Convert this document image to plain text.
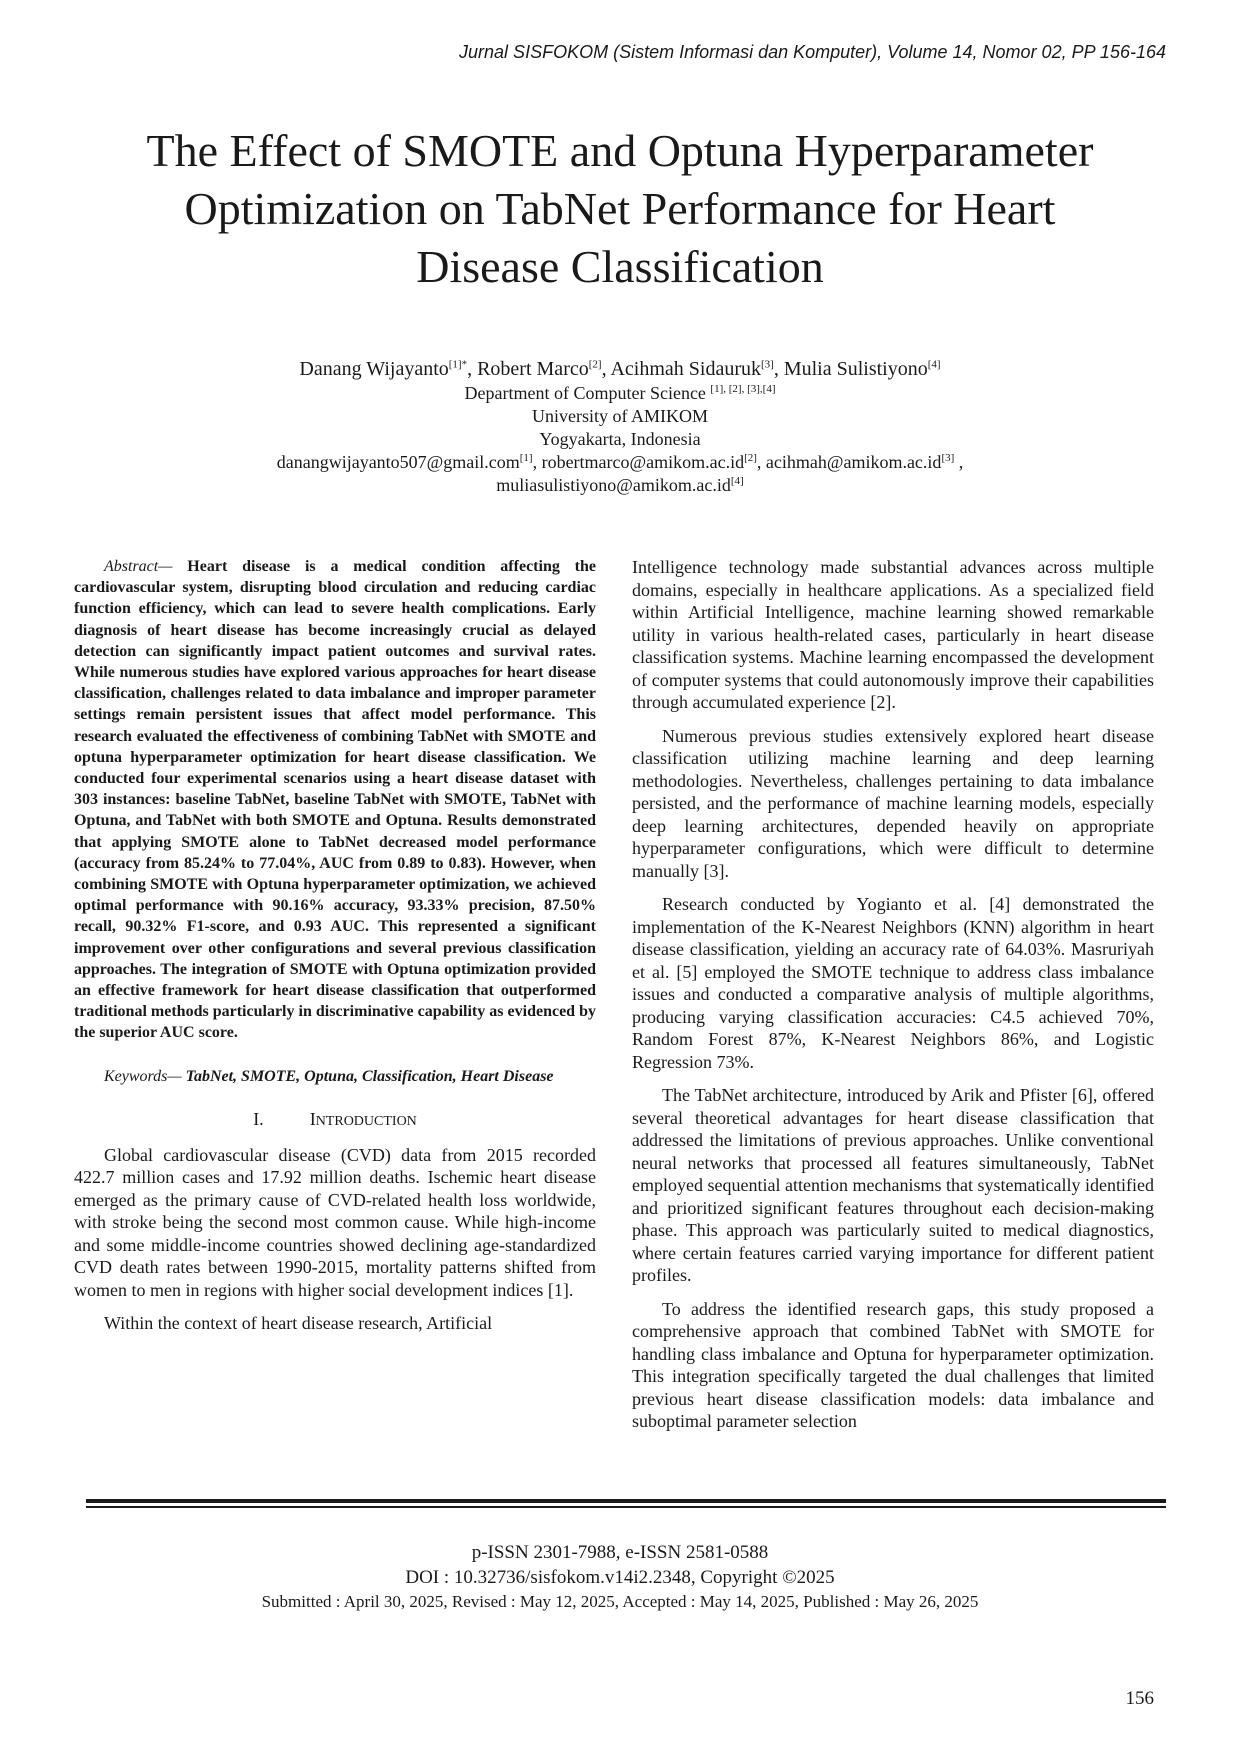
Jurnal SISFOKOM (Sistem Informasi dan Komputer), Volume 14, Nomor 02, PP 156-164
The Effect of SMOTE and Optuna Hyperparameter
Optimization on TabNet Performance for Heart
Disease Classification
Danang Wijayanto$^{[1]*}$, Robert Marco[2], Acihmah Sidauruk[3], Mulia Sulistiyono[4]
Department of Computer Science [1], [2], [3],[4]
University of AMIKOM
Yogyakarta, Indonesia
danangwijayanto507@gmail.com[1], robertmarco@amikom.ac.id[2], acihmah@amikom.ac.id[3] ,
muliasulistiyono@amikom.ac.id[4]

Abstract— Heart disease is a medical condition affecting the cardiovascular system, disrupting blood circulation and reducing cardiac function efficiency, which can lead to severe health complications. Early diagnosis of heart disease has become increasingly crucial as delayed detection can significantly impact patient outcomes and survival rates. While numerous studies have explored various approaches for heart disease classification, challenges related to data imbalance and improper parameter settings remain persistent issues that affect model performance. This research evaluated the effectiveness of combining TabNet with SMOTE and optuna hyperparameter optimization for heart disease classification. We conducted four experimental scenarios using a heart disease dataset with 303 instances: baseline TabNet, baseline TabNet with SMOTE, TabNet with Optuna, and TabNet with both SMOTE and Optuna. Results demonstrated that applying SMOTE alone to TabNet decreased model performance (accuracy from 85.24% to 77.04%, AUC from 0.89 to 0.83). However, when combining SMOTE with Optuna hyperparameter optimization, we achieved optimal performance with 90.16% accuracy, 93.33% precision, 87.50% recall, 90.32% F1-score, and 0.93 AUC. This represented a significant improvement over other configurations and several previous classification approaches. The integration of SMOTE with Optuna optimization provided an effective framework for heart disease classification that outperformed traditional methods particularly in discriminative capability as evidenced by the superior AUC score.

Keywords— TabNet, SMOTE, Optuna, Classification, Heart Disease

I.	INTRODUCTION

Global cardiovascular disease (CVD) data from 2015 recorded 422.7 million cases and 17.92 million deaths. Ischemic heart disease emerged as the primary cause of CVD-related health loss worldwide, with stroke being the second most common cause. While high-income and some middle-income countries showed declining age-standardized CVD death rates between 1990-2015, mortality patterns shifted from women to men in regions with higher social development indices [1].

Within the context of heart disease research, Artificial

Intelligence technology made substantial advances across multiple domains, especially in healthcare applications. As a specialized field within Artificial Intelligence, machine learning showed remarkable utility in various health-related cases, particularly in heart disease classification systems. Machine learning encompassed the development of computer systems that could autonomously improve their capabilities through accumulated experience [2].

Numerous previous studies extensively explored heart disease classification utilizing machine learning and deep learning methodologies. Nevertheless, challenges pertaining to data imbalance persisted, and the performance of machine learning models, especially deep learning architectures, depended heavily on appropriate hyperparameter configurations, which were difficult to determine manually [3].

Research conducted by Yogianto et al. [4] demonstrated the implementation of the K-Nearest Neighbors (KNN) algorithm in heart disease classification, yielding an accuracy rate of 64.03%. Masruriyah et al. [5] employed the SMOTE technique to address class imbalance issues and conducted a comparative analysis of multiple algorithms, producing varying classification accuracies: C4.5 achieved 70%, Random Forest 87%, K-Nearest Neighbors 86%, and Logistic Regression 73%.

The TabNet architecture, introduced by Arik and Pfister [6], offered several theoretical advantages for heart disease classification that addressed the limitations of previous approaches. Unlike conventional neural networks that processed all features simultaneously, TabNet employed sequential attention mechanisms that systematically identified and prioritized significant features throughout each decision-making phase. This approach was particularly suited to medical diagnostics, where certain features carried varying importance for different patient profiles.

To address the identified research gaps, this study proposed a comprehensive approach that combined TabNet with SMOTE for handling class imbalance and Optuna for hyperparameter optimization. This integration specifically targeted the dual challenges that limited previous heart disease classification models: data imbalance and suboptimal parameter selection

p-ISSN 2301-7988, e-ISSN 2581-0588
DOI : 10.32736/sisfokom.v14i2.2348, Copyright ©2025
Submitted : April 30, 2025, Revised : May 12, 2025, Accepted : May 14, 2025, Published : May 26, 2025
156
